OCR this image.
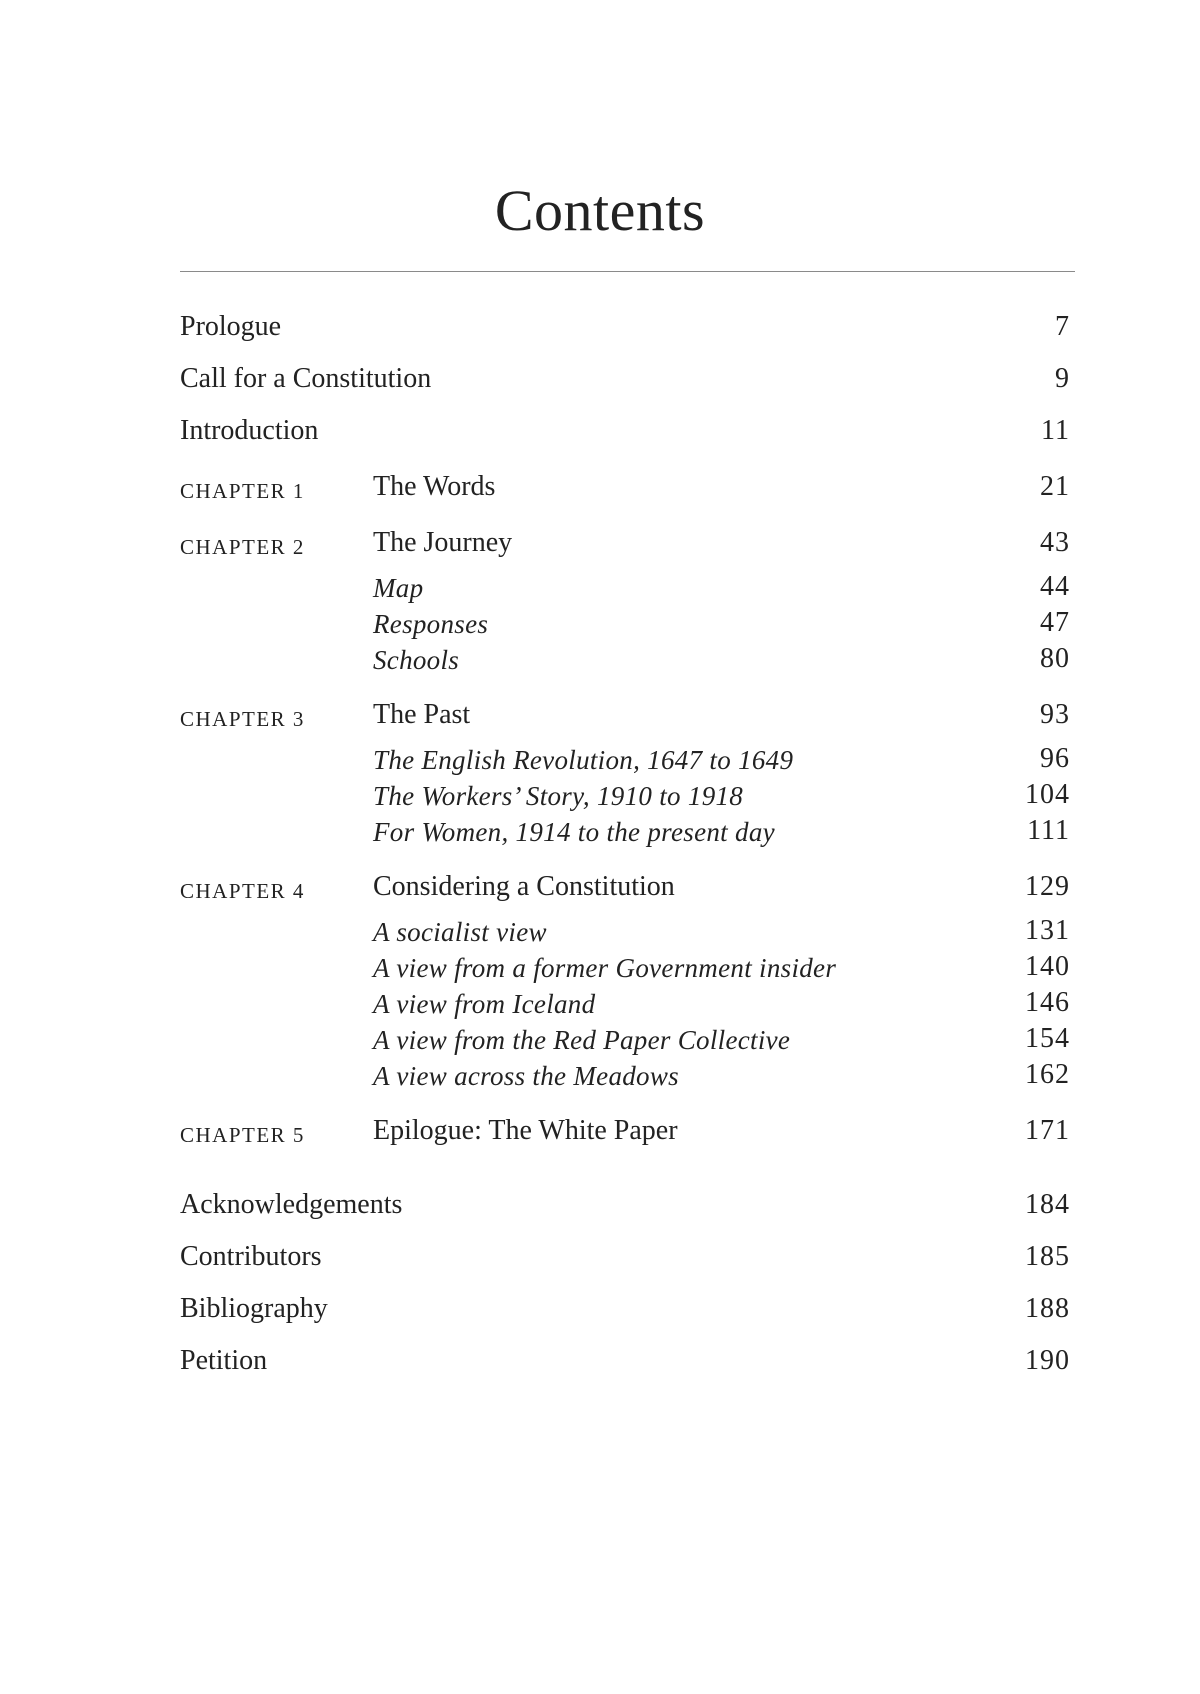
Contents
Prologue	7
Call for a Constitution	9
Introduction	11
CHAPTER 1 The Words	21
CHAPTER 2 The Journey	43
Map	44
Responses	47
Schools	80
CHAPTER 3 The Past	93
The English Revolution, 1647 to 1649	96
The Workers’ Story, 1910 to 1918	104
For Women, 1914 to the present day	111
CHAPTER 4 Considering a Constitution	129
A socialist view	131
A view from a former Government insider	140
A view from Iceland	146
A view from the Red Paper Collective	154
A view across the Meadows	162
CHAPTER 5 Epilogue: The White Paper	171
Acknowledgements	184
Contributors	185
Bibliography	188
Petition	190
